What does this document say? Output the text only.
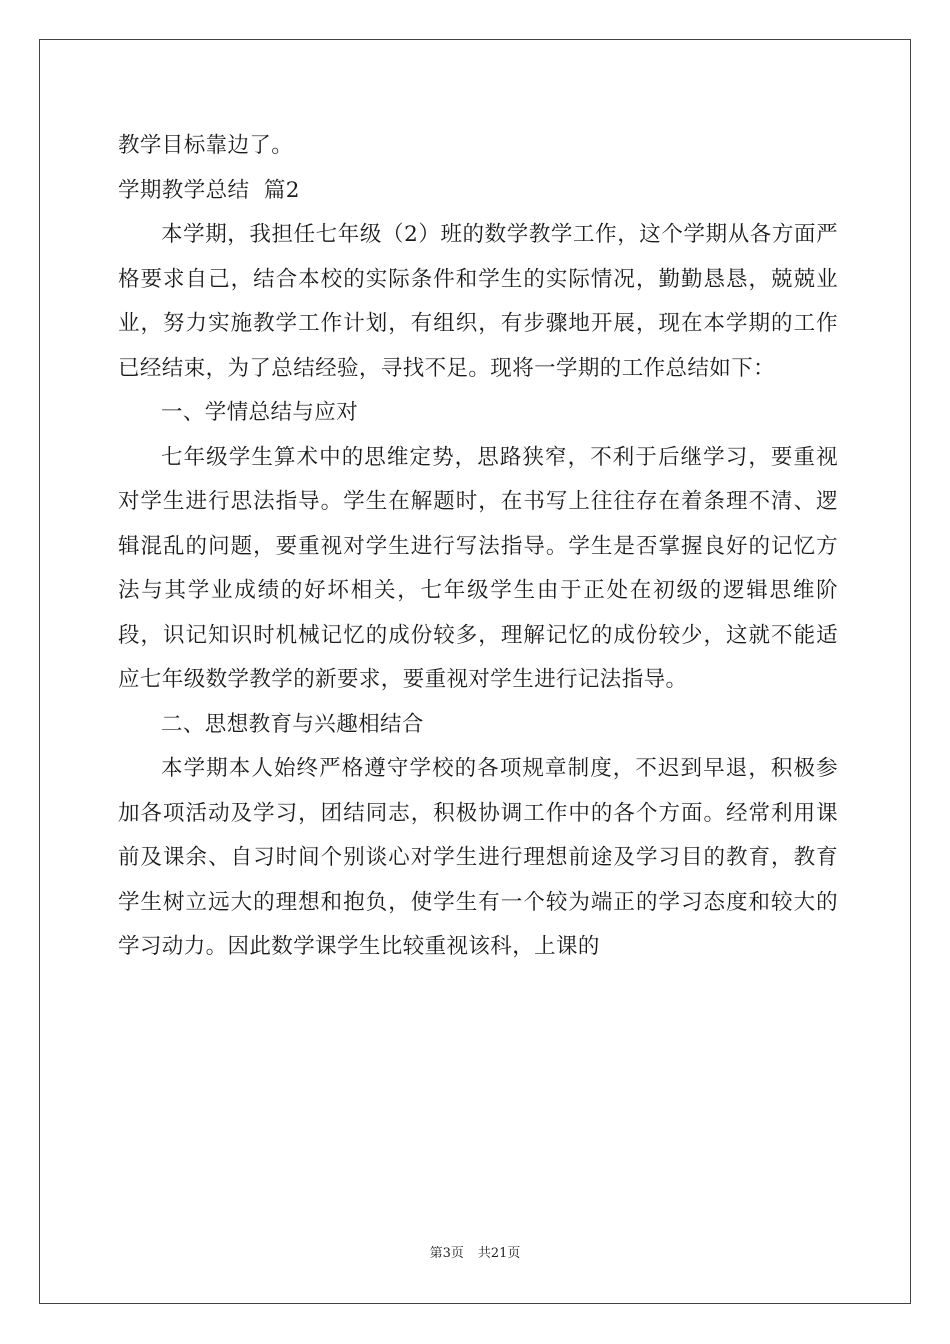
教学目标靠边了。
学期教学总结  篇2

本学期，我担任七年级（2）班的数学教学工作，这个学期从各方面严格要求自己，结合本校的实际条件和学生的实际情况，勤勤恳恳，兢兢业业，努力实施教学工作计划，有组织，有步骤地开展，现在本学期的工作已经结束，为了总结经验，寻找不足。现将一学期的工作总结如下：

一、学情总结与应对

七年级学生算术中的思维定势，思路狭窄，不利于后继学习，要重视对学生进行思法指导。学生在解题时，在书写上往往存在着条理不清、逻辑混乱的问题，要重视对学生进行写法指导。学生是否掌握良好的记忆方法与其学业成绩的好坏相关，七年级学生由于正处在初级的逻辑思维阶段，识记知识时机械记忆的成份较多，理解记忆的成份较少，这就不能适应七年级数学教学的新要求，要重视对学生进行记法指导。

二、思想教育与兴趣相结合

本学期本人始终严格遵守学校的各项规章制度，不迟到早退，积极参加各项活动及学习，团结同志，积极协调工作中的各个方面。经常利用课前及课余、自习时间个别谈心对学生进行理想前途及学习目的教育，教育学生树立远大的理想和抱负，使学生有一个较为端正的学习态度和较大的学习动力。因此数学课学生比较重视该科，上课的

第3页 共21页
